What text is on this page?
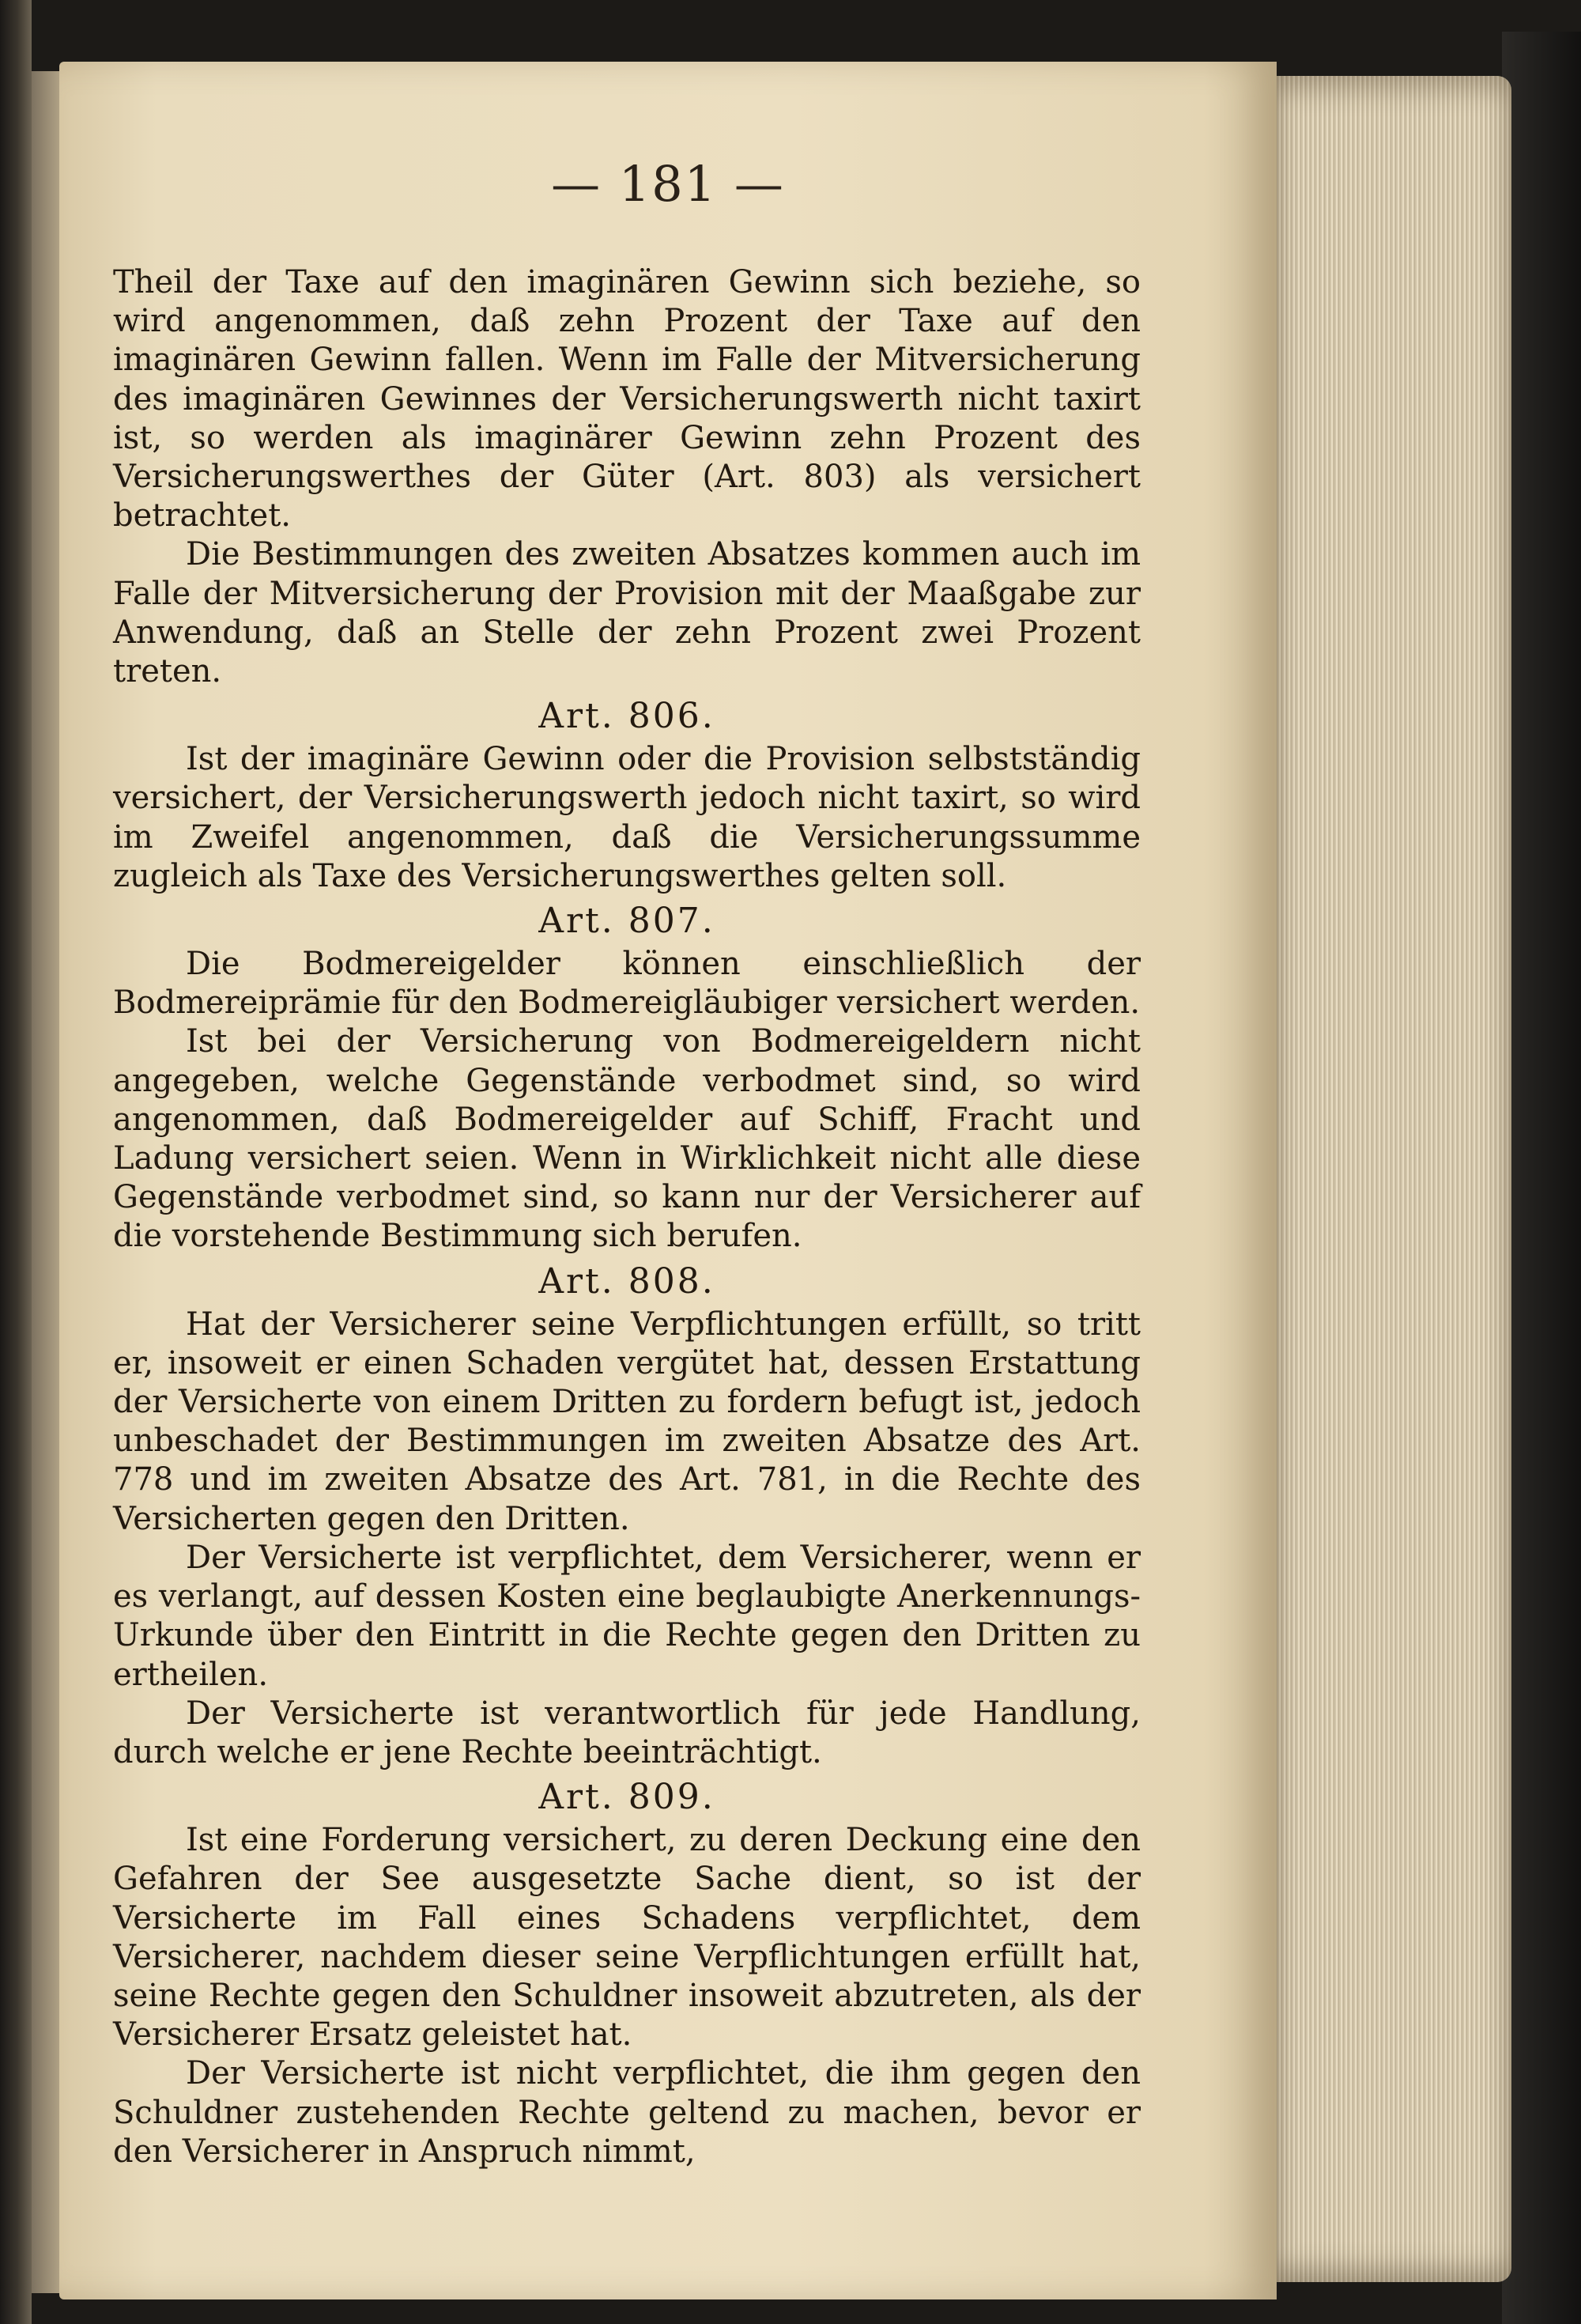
— 181 —

Theil der Taxe auf den imaginären Gewinn sich beziehe, so wird angenommen, daß zehn Prozent der Taxe auf den imaginären Gewinn fallen. Wenn im Falle der Mitversicherung des imaginären Gewinnes der Versicherungswerth nicht taxirt ist, so werden als imaginärer Gewinn zehn Prozent des Versicherungswerthes der Güter (Art. 803) als versichert betrachtet.

Die Bestimmungen des zweiten Absatzes kommen auch im Falle der Mitversicherung der Provision mit der Maaßgabe zur Anwendung, daß an Stelle der zehn Prozent zwei Prozent treten.

Art. 806.

Ist der imaginäre Gewinn oder die Provision selbstständig versichert, der Versicherungswerth jedoch nicht taxirt, so wird im Zweifel angenommen, daß die Versicherungssumme zugleich als Taxe des Versicherungswerthes gelten soll.

Art. 807.

Die Bodmereigelder können einschließlich der Bodmereiprämie für den Bodmereigläubiger versichert werden.

Ist bei der Versicherung von Bodmereigeldern nicht angegeben, welche Gegenstände verbodmet sind, so wird angenommen, daß Bodmereigelder auf Schiff, Fracht und Ladung versichert seien. Wenn in Wirklichkeit nicht alle diese Gegenstände verbodmet sind, so kann nur der Versicherer auf die vorstehende Bestimmung sich berufen.

Art. 808.

Hat der Versicherer seine Verpflichtungen erfüllt, so tritt er, insoweit er einen Schaden vergütet hat, dessen Erstattung der Versicherte von einem Dritten zu fordern befugt ist, jedoch unbeschadet der Bestimmungen im zweiten Absatze des Art. 778 und im zweiten Absatze des Art. 781, in die Rechte des Versicherten gegen den Dritten.

Der Versicherte ist verpflichtet, dem Versicherer, wenn er es verlangt, auf dessen Kosten eine beglaubigte Anerkennungs-Urkunde über den Eintritt in die Rechte gegen den Dritten zu ertheilen.

Der Versicherte ist verantwortlich für jede Handlung, durch welche er jene Rechte beeinträchtigt.

Art. 809.

Ist eine Forderung versichert, zu deren Deckung eine den Gefahren der See ausgesetzte Sache dient, so ist der Versicherte im Fall eines Schadens verpflichtet, dem Versicherer, nachdem dieser seine Verpflichtungen erfüllt hat, seine Rechte gegen den Schuldner insoweit abzutreten, als der Versicherer Ersatz geleistet hat.

Der Versicherte ist nicht verpflichtet, die ihm gegen den Schuldner zustehenden Rechte geltend zu machen, bevor er den Versicherer in Anspruch nimmt,
